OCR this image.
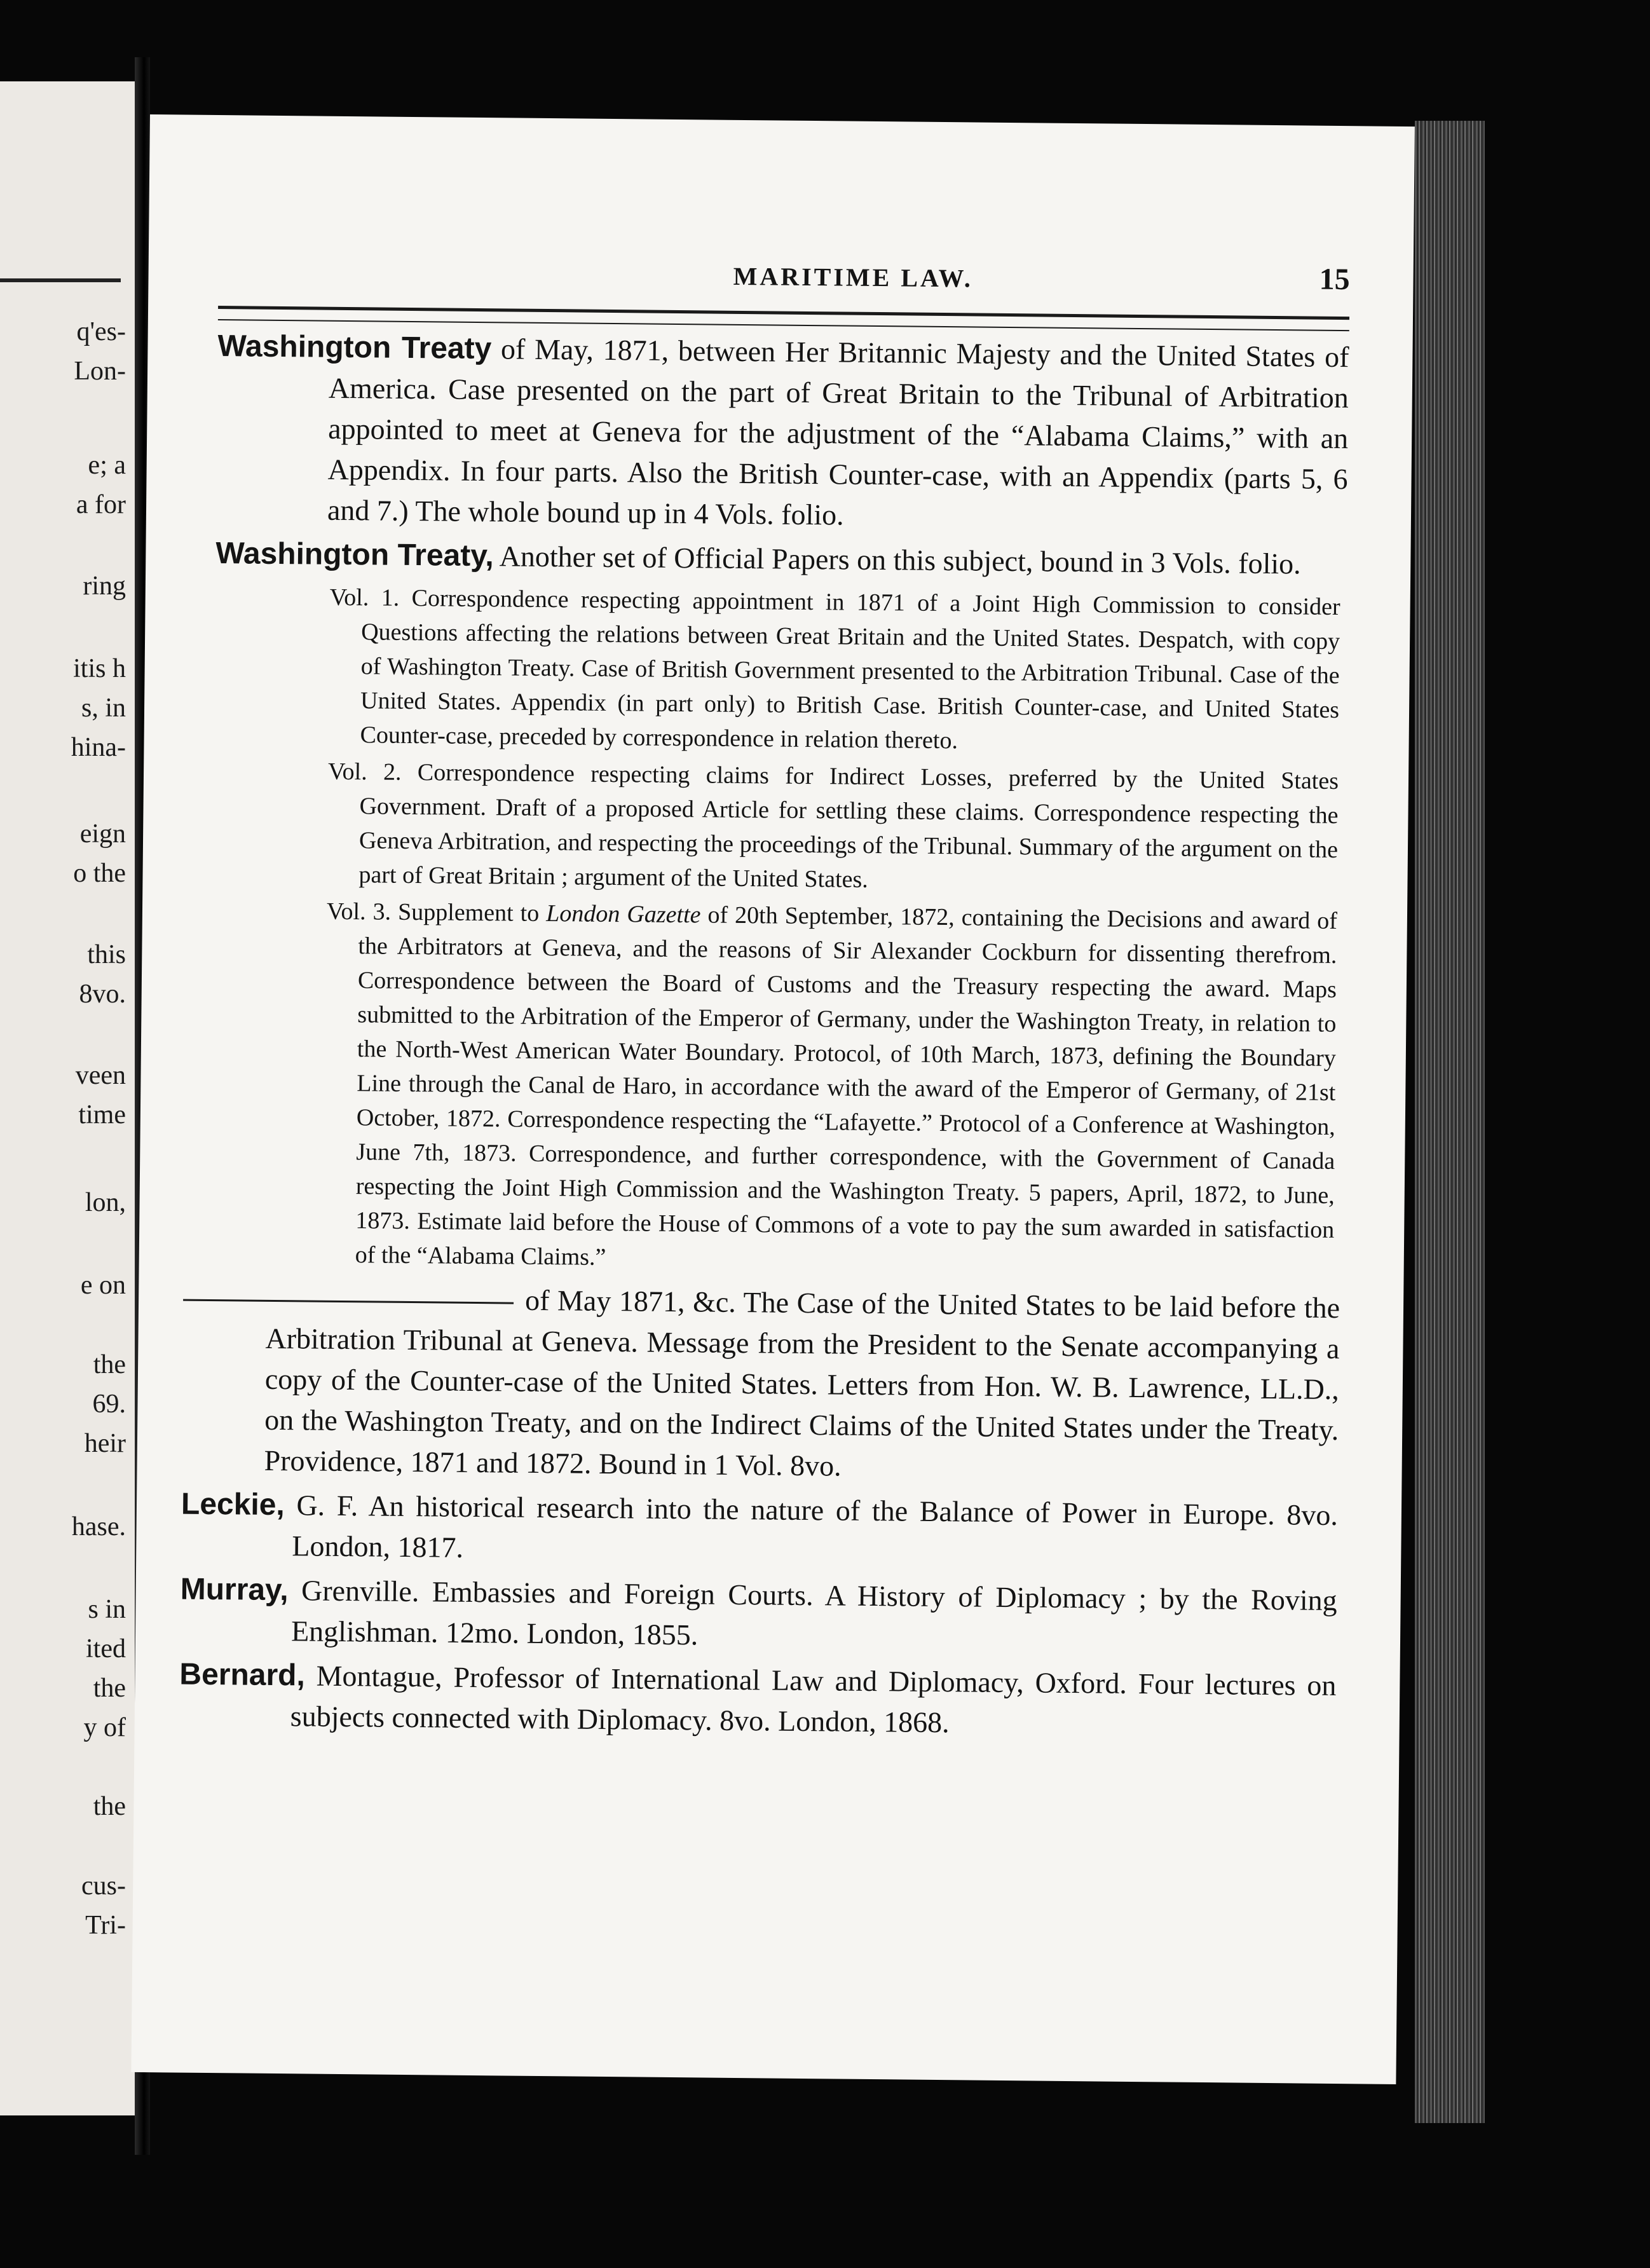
q'es-
Lon-
e; a
a for
ring
itis h
s, in
hina-
eign
o the
this
8vo.
veen
time
lon,
e on
the
69.
heir
hase.
s in
ited
the
y of
the
cus-
Tri-
MARITIME LAW.	15

Washington Treaty of May, 1871, between Her Britannic Majesty and the United States of America. Case presented on the part of Great Britain to the Tribunal of Arbitration appointed to meet at Geneva for the adjustment of the “Alabama Claims,” with an Appendix. In four parts. Also the British Counter-case, with an Appendix (parts 5, 6 and 7.) The whole bound up in 4 Vols. folio.

Washington Treaty, Another set of Official Papers on this subject, bound in 3 Vols. folio.

Vol. 1. Correspondence respecting appointment in 1871 of a Joint High Commission to consider Questions affecting the relations between Great Britain and the United States. Despatch, with copy of Washington Treaty. Case of British Government presented to the Arbitration Tribunal. Case of the United States. Appendix (in part only) to British Case. British Counter-case, and United States Counter-case, preceded by correspondence in relation thereto.

Vol. 2. Correspondence respecting claims for Indirect Losses, preferred by the United States Government. Draft of a proposed Article for settling these claims. Correspondence respecting the Geneva Arbitration, and respecting the proceedings of the Tribunal. Summary of the argument on the part of Great Britain ; argument of the United States.

Vol. 3. Supplement to London Gazette of 20th September, 1872, containing the Decisions and award of the Arbitrators at Geneva, and the reasons of Sir Alexander Cockburn for dissenting therefrom. Correspondence between the Board of Customs and the Treasury respecting the award. Maps submitted to the Arbitration of the Emperor of Germany, under the Washington Treaty, in relation to the North-West American Water Boundary. Protocol, of 10th March, 1873, defining the Boundary Line through the Canal de Haro, in accordance with the award of the Emperor of Germany, of 21st October, 1872. Correspondence respecting the “Lafayette.” Protocol of a Conference at Washington, June 7th, 1873. Correspondence, and further correspondence, with the Government of Canada respecting the Joint High Commission and the Washington Treaty. 5 papers, April, 1872, to June, 1873. Estimate laid before the House of Commons of a vote to pay the sum awarded in satisfaction of the “Alabama Claims.”

of May 1871, &c. The Case of the United States to be laid before the Arbitration Tribunal at Geneva. Message from the President to the Senate accompanying a copy of the Counter-case of the United States. Letters from Hon. W. B. Lawrence, LL.D., on the Washington Treaty, and on the Indirect Claims of the United States under the Treaty. Providence, 1871 and 1872. Bound in 1 Vol. 8vo.

Leckie, G. F. An historical research into the nature of the Balance of Power in Europe. 8vo. London, 1817.

Murray, Grenville. Embassies and Foreign Courts. A History of Diplomacy ; by the Roving Englishman. 12mo. London, 1855.

Bernard, Montague, Professor of International Law and Diplomacy, Oxford. Four lectures on subjects connected with Diplomacy. 8vo. London, 1868.
